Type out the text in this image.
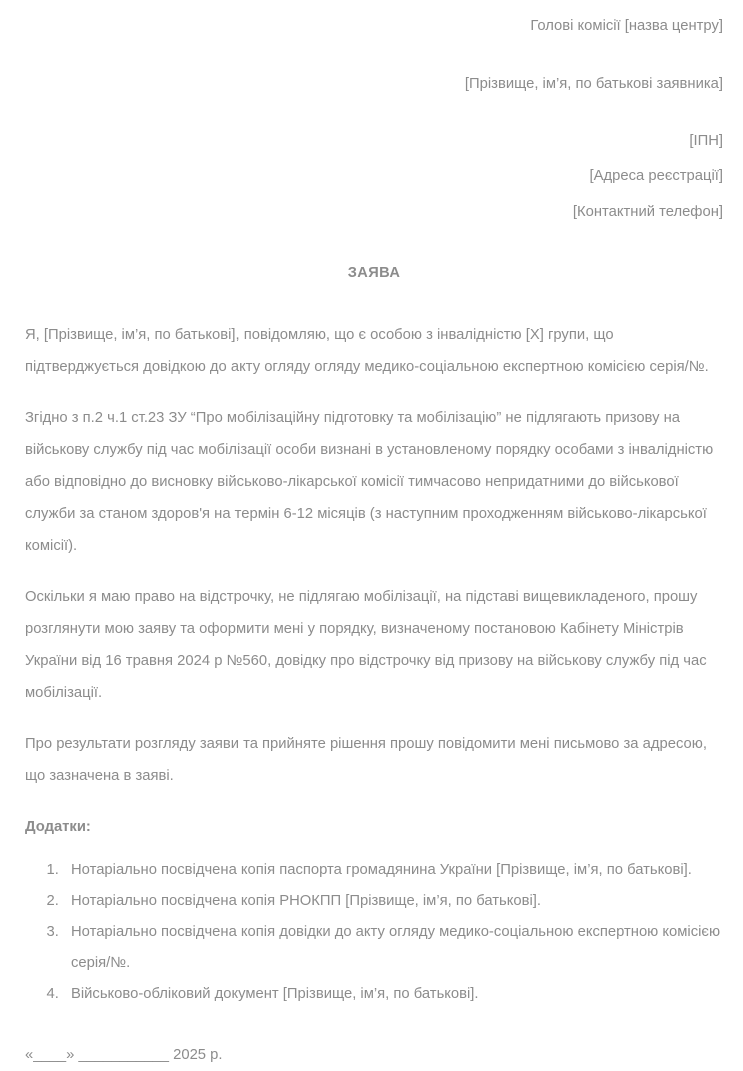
Головi комісії [назва центру]
[Прізвище, ім’я, по батькові заявника]
[ІПН]
[Адреса реєстрації]
[Контактний телефон]
ЗАЯВА

Я, [Прізвище, ім’я, по батькові], повідомляю, що є особою з інвалідністю [Х] групи, що підтверджується довідкою до акту огляду огляду медико-соціальною експертною комісією серія/№.

Згідно з п.2 ч.1 ст.23 ЗУ “Про мобілізаційну підготовку та мобілізацію” не підлягають призову на військову службу під час мобілізації особи визнані в установленому порядку особами з інвалідністю або відповідно до висновку військово-лікарської комісії тимчасово непридатними до військової служби за станом здоров'я на термін 6-12 місяців (з наступним проходженням військово-лікарської комісії).

Оскільки я маю право на відстрочку, не підлягаю мобілізації, на підставі вищевикладеного, прошу розглянути мою заяву та оформити мені у порядку, визначеному постановою Кабінету Міністрів України від 16 травня 2024 р №560, довідку про відстрочку від призову на військову службу під час мобілізації.

Про результати розгляду заяви та прийняте рішення прошу повідомити мені письмово за адресою, що зазначена в заяві.

Додатки:

1. Нотаріально посвідчена копія паспорта громадянина України [Прізвище, ім’я, по батькові].
2. Нотаріально посвідчена копія РНОКПП [Прізвище, ім’я, по батькові].
3. Нотаріально посвідчена копія довідки до акту огляду медико-соціальною експертною комісією серія/№.
4. Військово-обліковий документ [Прізвище, ім’я, по батькові].

«____» ___________ 2025 р.
